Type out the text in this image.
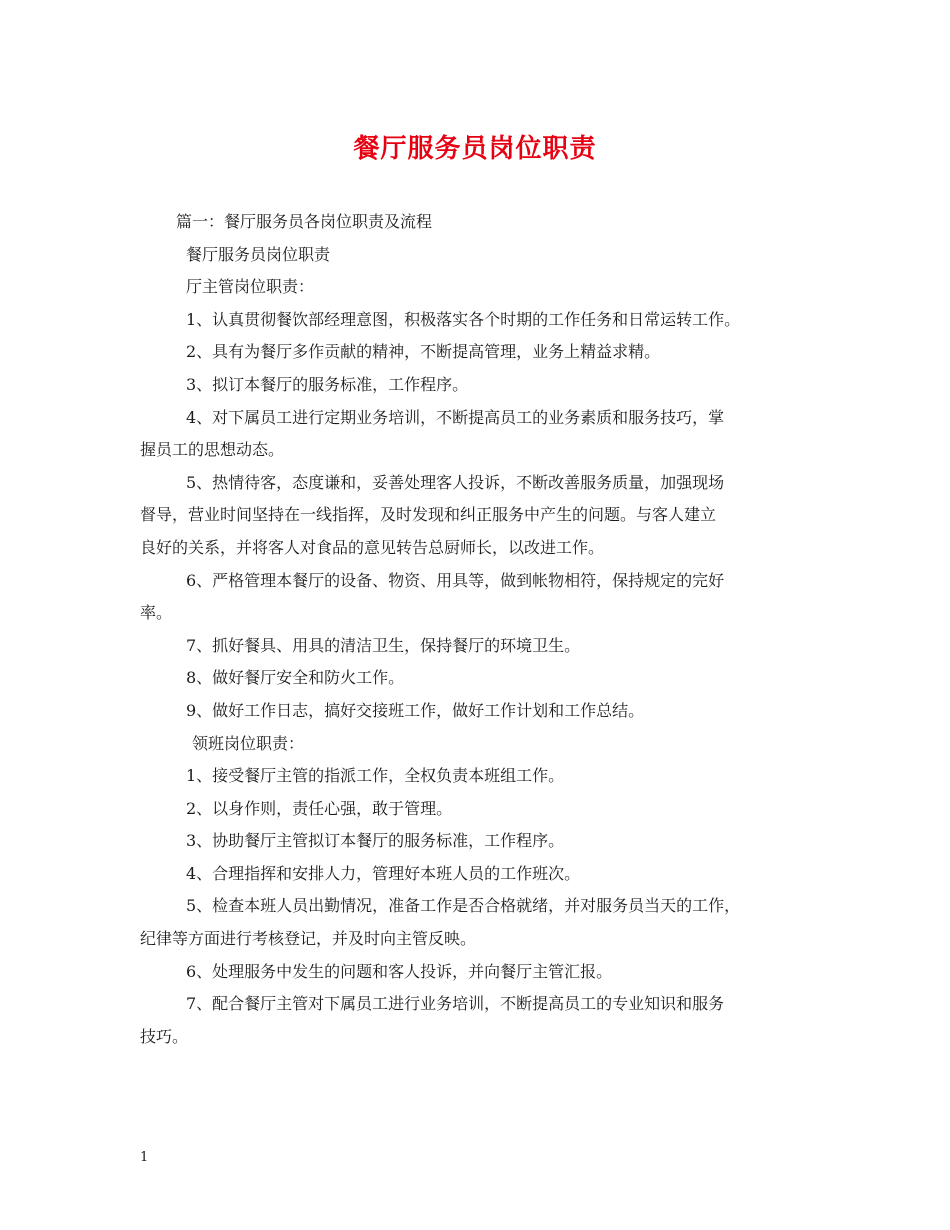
餐厅服务员岗位职责

篇一：餐厅服务员各岗位职责及流程

餐厅服务员岗位职责

厅主管岗位职责：

1、认真贯彻餐饮部经理意图，积极落实各个时期的工作任务和日常运转工作。

2、具有为餐厅多作贡献的精神，不断提高管理，业务上精益求精。

3、拟订本餐厅的服务标准，工作程序。

4、对下属员工进行定期业务培训，不断提高员工的业务素质和服务技巧，掌

握员工的思想动态。

5、热情待客，态度谦和，妥善处理客人投诉，不断改善服务质量，加强现场

督导，营业时间坚持在一线指挥，及时发现和纠正服务中产生的问题。与客人建立

良好的关系，并将客人对食品的意见转告总厨师长，以改进工作。

6、严格管理本餐厅的设备、物资、用具等，做到帐物相符，保持规定的完好

率。

7、抓好餐具、用具的清洁卫生，保持餐厅的环境卫生。

8、做好餐厅安全和防火工作。

9、做好工作日志，搞好交接班工作，做好工作计划和工作总结。

领班岗位职责：

1、接受餐厅主管的指派工作，全权负责本班组工作。

2、以身作则，责任心强，敢于管理。

3、协助餐厅主管拟订本餐厅的服务标准，工作程序。

4、合理指挥和安排人力，管理好本班人员的工作班次。

5、检查本班人员出勤情况，准备工作是否合格就绪，并对服务员当天的工作，

纪律等方面进行考核登记，并及时向主管反映。

6、处理服务中发生的问题和客人投诉，并向餐厅主管汇报。

7、配合餐厅主管对下属员工进行业务培训，不断提高员工的专业知识和服务

技巧。

1
